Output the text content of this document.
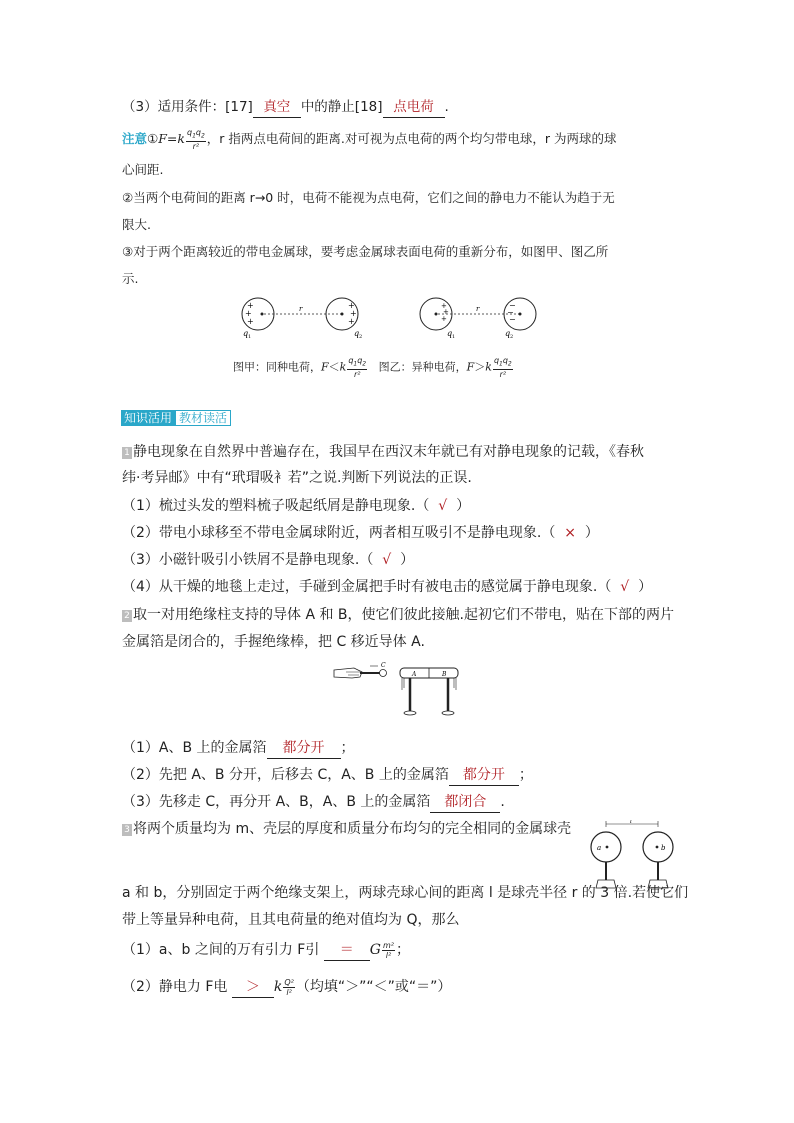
（3）适用条件：[17] 真空 中的静止[18] 点电荷 .
注意①F=k $\frac{q_1q_2}{\text{r²}}$ ，r 指两点电荷间的距离.对可视为点电荷的两个均匀带电球，r 为两球的球
心间距.
②当两个电荷间的距离 r→0 时，电荷不能视为点电荷，它们之间的静电力不能认为趋于无
限大.
③对于两个距离较近的带电金属球，要考虑金属球表面电荷的重新分布，如图甲、图乙所
示.
+
+
+
q 1
r	+
+
+
q 2
+
+
+
q 1
r	−
−
−
q 2
图甲：同种电荷，$F<k \frac{q_1q_2}{\text{r²}}$ 图乙：异种电荷，$F>k \frac{q_1q_2}{\text{r²}}$
知识活用 教材读活
1 静电现象在自然界中普遍存在，我国早在西汉末年就已有对静电现象的记载，《春秋
纬·考异邮》中有“玳瑁吸衤若”之说.判断下列说法的正误.
（1）梳过头发的塑料梳子吸起纸屑是静电现象.（ √ ）
（2）带电小球移至不带电金属球附近，两者相互吸引不是静电现象.（ × ）
（3）小磁针吸引小铁屑不是静电现象.（ √ ）
（4）从干燥的地毯上走过，手碰到金属把手时有被电击的感觉属于静电现象.（ √ ）
2 取一对用绝缘柱支持的导体 A 和 B，使它们彼此接触.起初它们不带电，贴在下部的两片
金属箔是闭合的，手握绝缘棒，把 C 移近导体 A.
C
A	B
（1）A、B 上的金属箔 都分开 ；
（2）先把 A、B 分开，后移去 C，A、B 上的金属箔 都分开 ；
（3）先移走 C，再分开 A、B，A、B 上的金属箔 都闭合 .
3 将两个质量均为 m、壳层的厚度和质量分布均匀的完全相同的金属球壳	l
a	b
a 和 b，分别固定于两个绝缘支架上，两球壳球心间的距离 l 是球壳半径 r 的 3 倍.若使它们
带上等量异种电荷，且其电荷量的绝对值均为 Q，那么
（1）a、b 之间的万有引力 F引 ＝ G $\frac{\text{m²}}{\text{l²}}$ ；
（2）静电力 F电 ＞ k $\frac{\text{Q²}}{\text{l²}}$ （均填“＞”“＜”或“＝”）
